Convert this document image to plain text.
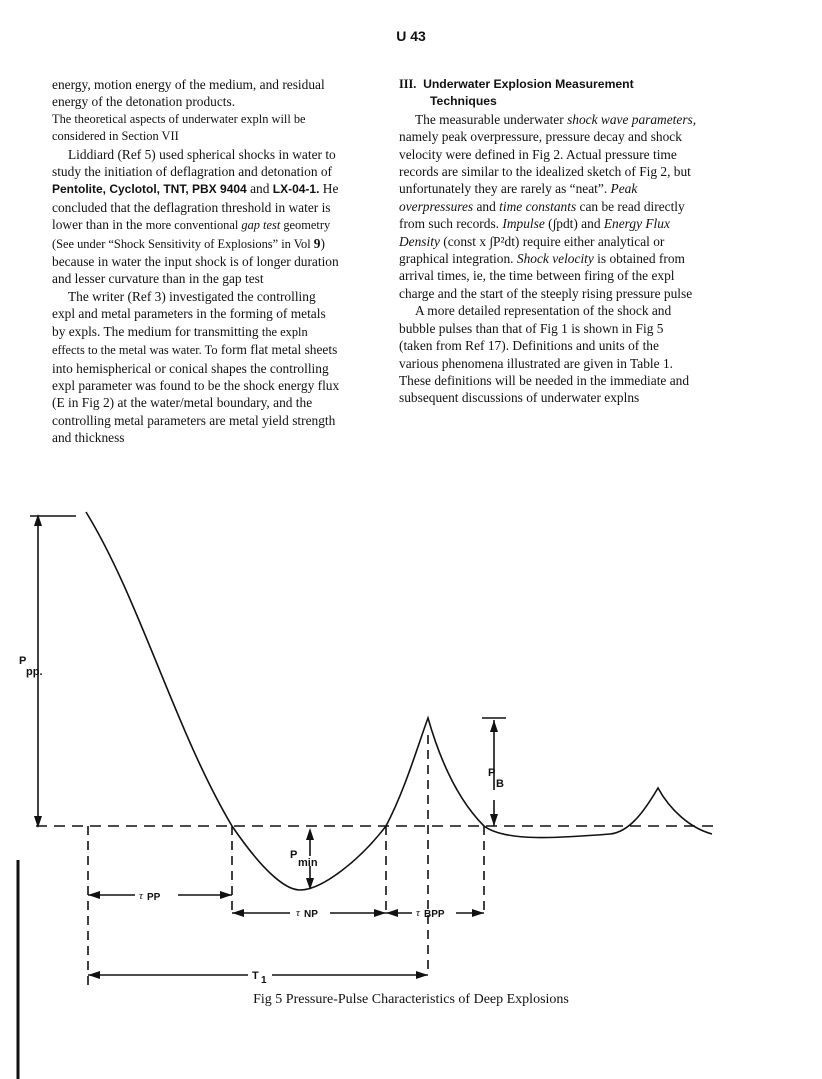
U 43

energy, motion energy of the medium, and residual energy of the detonation products.

The theoretical aspects of underwater expln will be considered in Section VII

Liddiard (Ref 5) used spherical shocks in water to study the initiation of deflagration and detonation of Pentolite, Cyclotol, TNT, PBX 9404 and LX-04-1. He concluded that the deflagration threshold in water is lower than in the more conventional gap test geometry (See under “Shock Sensitivity of Explosions” in Vol 9) because in water the input shock is of longer duration and lesser curvature than in the gap test

The writer (Ref 3) investigated the controlling expl and metal parameters in the forming of metals by expls. The medium for transmitting the expln effects to the metal was water. To form flat metal sheets into hemispherical or conical shapes the controlling expl parameter was found to be the shock energy flux (E in Fig 2) at the water/metal boundary, and the controlling metal parameters are metal yield strength and thickness

III. Underwater Explosion Measurement
Techniques

The measurable underwater shock wave parameters, namely peak overpressure, pressure decay and shock velocity were defined in Fig 2. Actual pressure time records are similar to the idealized sketch of Fig 2, but unfortunately they are rarely as “neat”. Peak overpressures and time constants can be read directly from such records. Impulse (∫pdt) and Energy Flux Density (const x ∫P²dt) require either analytical or graphical integration. Shock velocity is obtained from arrival times, ie, the time between firing of the expl charge and the start of the steeply rising pressure pulse

A more detailed representation of the shock and bubble pulses than that of Fig 1 is shown in Fig 5 (taken from Ref 17). Definitions and units of the various phenomena illustrated are given in Table 1. These definitions will be needed in the immediate and subsequent discussions of underwater explns

P
pp.
P
min
P
B
τ PP
τ NP	τ BPP
T 1
Fig 5 Pressure-Pulse Characteristics of Deep Explosions
